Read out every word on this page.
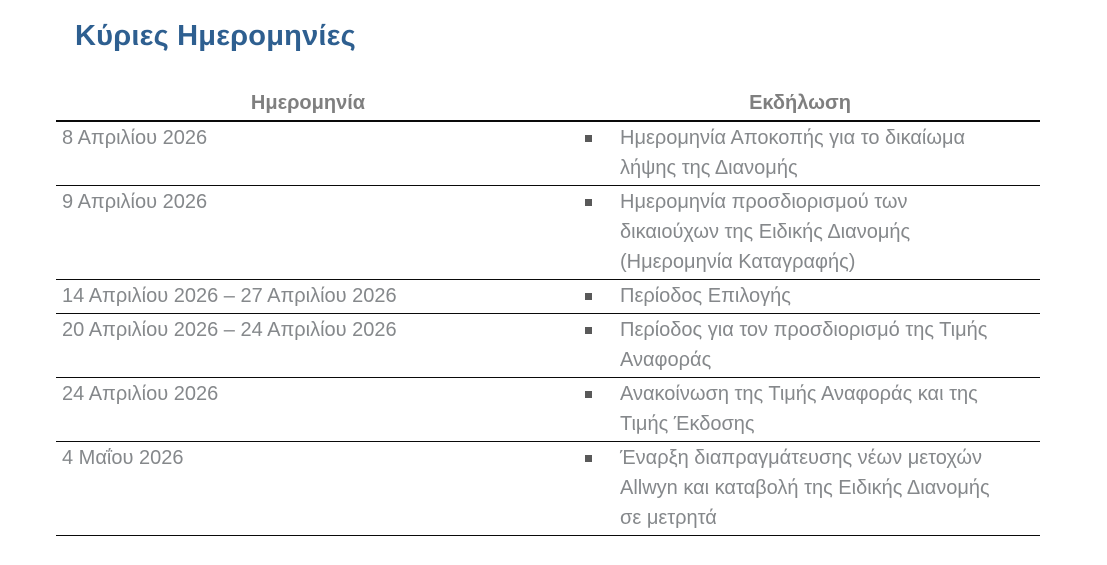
Κύριες Ημερομηνίες
Ημερομηνία	Εκδήλωση
8 Απριλίου 2026	Ημερομηνία Αποκοπής για το δικαίωμα
λήψης της Διανομής
9 Απριλίου 2026	Ημερομηνία προσδιορισμού των
δικαιούχων της Ειδικής Διανομής
(Ημερομηνία Καταγραφής)
14 Απριλίου 2026 – 27 Απριλίου 2026	Περίοδος Επιλογής
20 Απριλίου 2026 – 24 Απριλίου 2026	Περίοδος για τον προσδιορισμό της Τιμής
Αναφοράς
24 Απριλίου 2026	Ανακοίνωση της Τιμής Αναφοράς και της
Τιμής Έκδοσης
4 Μαΐου 2026	Έναρξη διαπραγμάτευσης νέων μετοχών
Allwyn και καταβολή της Ειδικής Διανομής
σε μετρητά
